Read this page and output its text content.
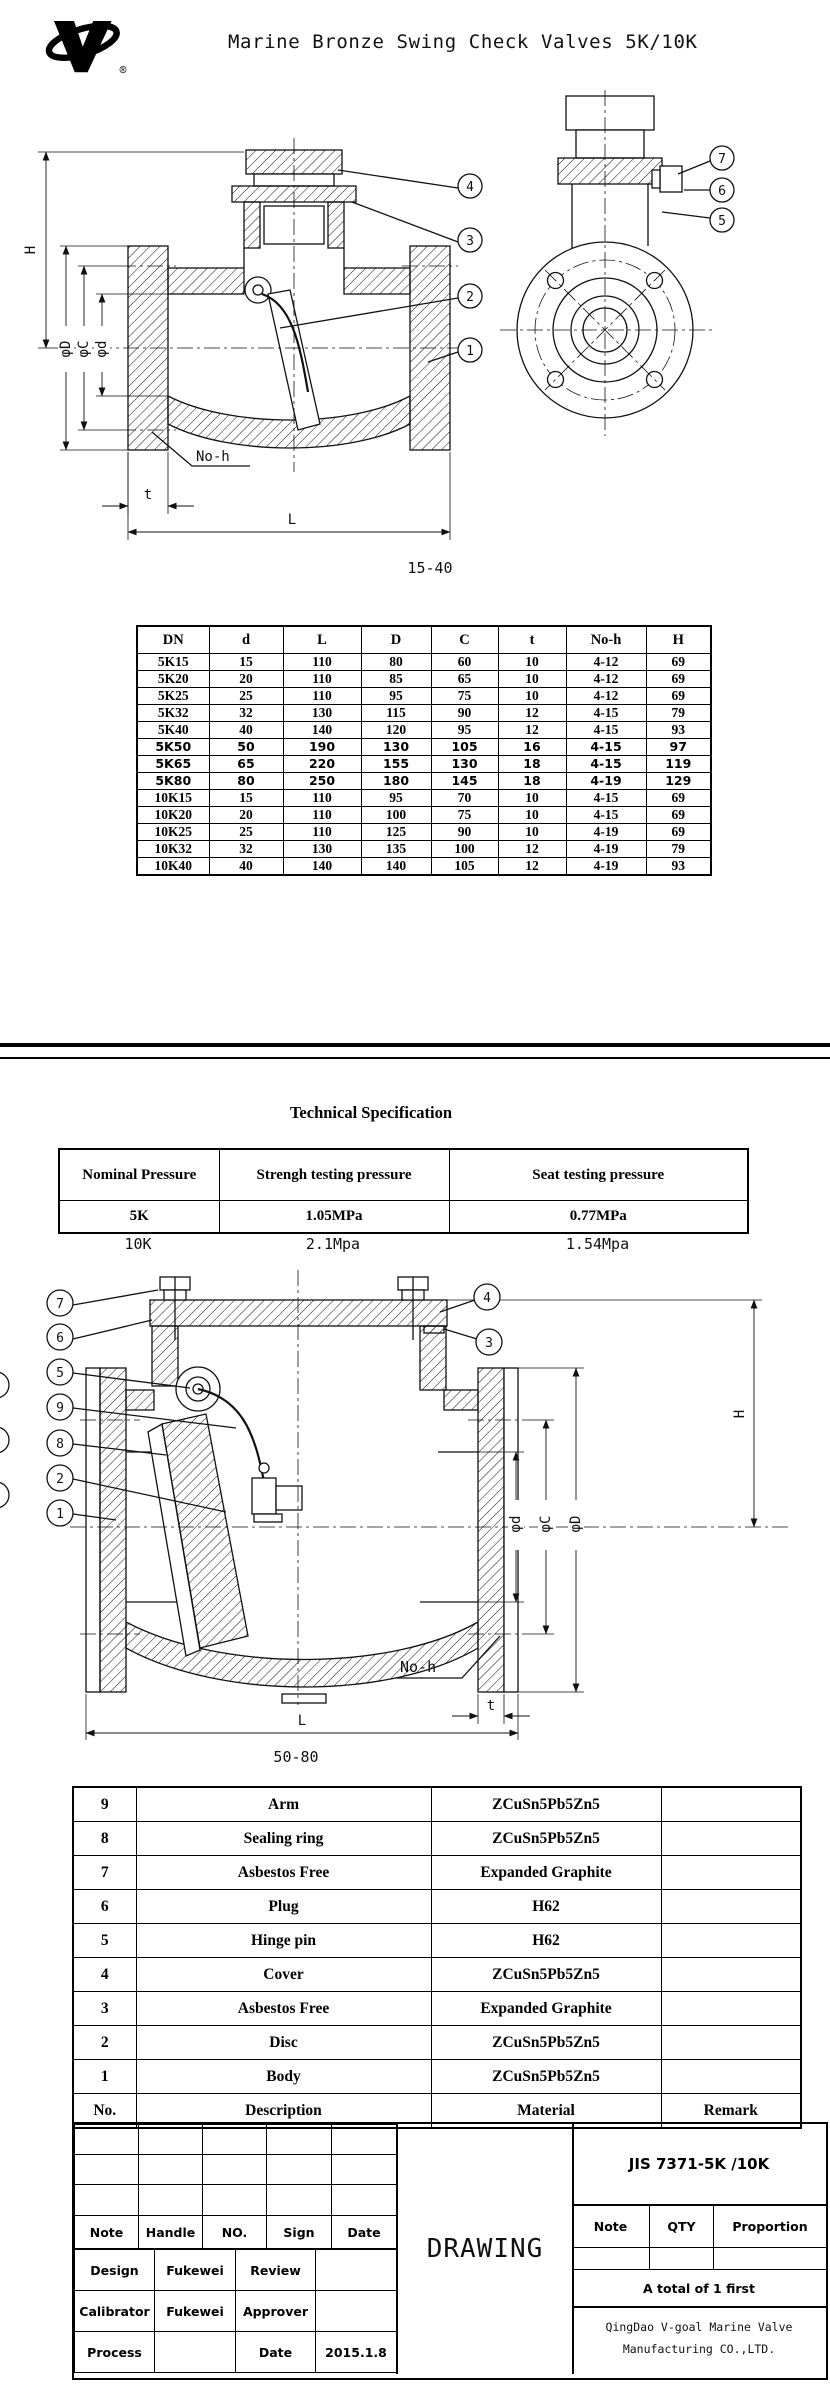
®
Marine Bronze Swing Check Valves 5K/10K
H
φD φC φd
No-h
t
L
4
3
2
1
7
6
5
15-40
DN	d	L	D	C	t	No-h	H
5K15	15	110	80	60	10	4-12	69
5K20	20	110	85	65	10	4-12	69
5K25	25	110	95	75	10	4-12	69
5K32	32	130	115	90	12	4-15	79
5K40	40	140	120	95	12	4-15	93
5K50	50	190	130	105	16	4-15	97
5K65	65	220	155	130	18	4-15	119
5K80	80	250	180	145	18	4-19	129
10K15	15	110	95	70	10	4-15	69
10K20	20	110	100	75	10	4-15	69
10K25	25	110	125	90	10	4-19	69
10K32	32	130	135	100	12	4-19	79
10K40	40	140	140	105	12	4-19	93
Technical Specification
Nominal Pressure	Strengh testing pressure	Seat testing pressure
5K	1.05MPa	0.77MPa
10K	2.1Mpa	1.54Mpa
φd φC φD
H
No-h
t
L
7
6
5
9
8
2
1
4
3
50-80
9	Arm	ZCuSn5Pb5Zn5	
8	Sealing ring	ZCuSn5Pb5Zn5	
7	Asbestos Free	Expanded Graphite	
6	Plug	H62	
5	Hinge pin	H62	
4	Cover	ZCuSn5Pb5Zn5	
3	Asbestos Free	Expanded Graphite	
2	Disc	ZCuSn5Pb5Zn5	
1	Body	ZCuSn5Pb5Zn5	
No.	Description	Material	Remark

Note	Handle	NO.	Sign	Date
Design	Fukewei	Review	
Calibrator	Fukewei	Approver	
Process		Date	2015.1.8
DRAWING
JIS 7371-5K /10K
Note	QTY	Proportion
A total of 1 first
QingDao V-goal Marine Valve
Manufacturing CO.,LTD.
